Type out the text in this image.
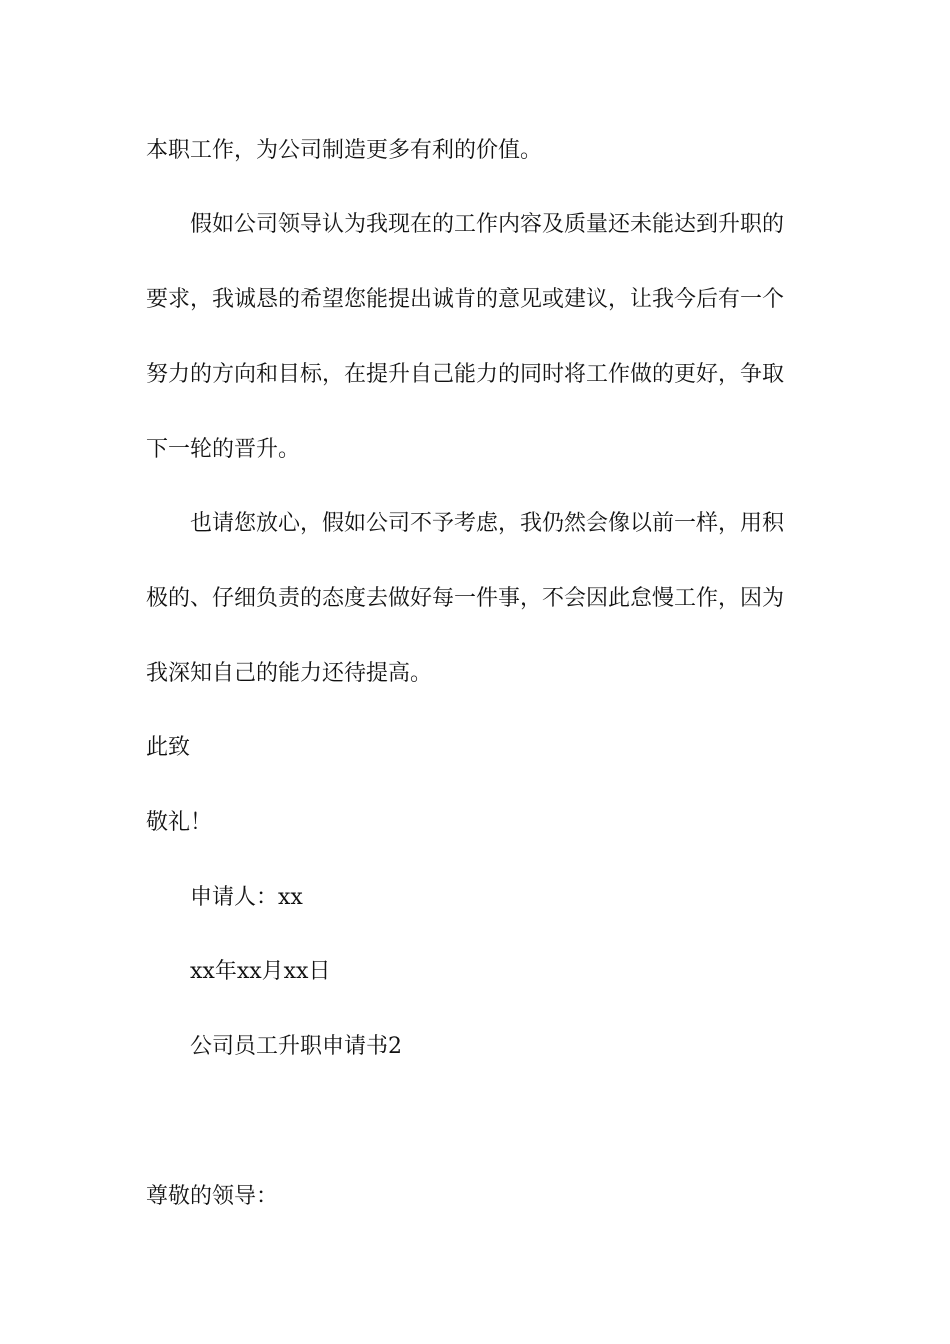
本职工作，为公司制造更多有利的价值。
假如公司领导认为我现在的工作内容及质量还未能达到升职的
要求，我诚恳的希望您能提出诚肯的意见或建议，让我今后有一个
努力的方向和目标，在提升自己能力的同时将工作做的更好，争取
下一轮的晋升。
也请您放心，假如公司不予考虑，我仍然会像以前一样，用积
极的、仔细负责的态度去做好每一件事，不会因此怠慢工作，因为
我深知自己的能力还待提高。
此致
敬礼！
申请人：xx
xx年xx月xx日
公司员工升职申请书2
尊敬的领导：
